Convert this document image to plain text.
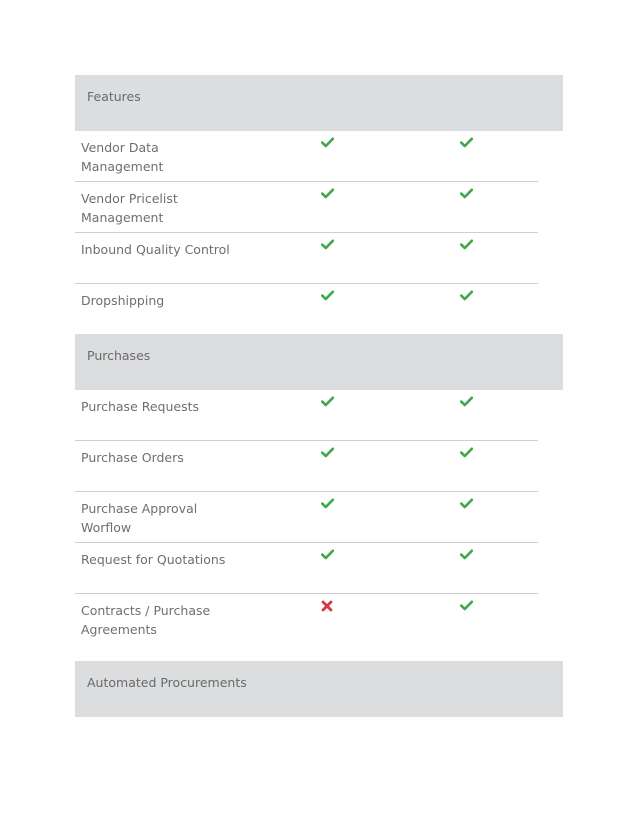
Features
Vendor Data Management
Vendor Pricelist Management
Inbound Quality Control
Dropshipping
Purchases
Purchase Requests
Purchase Orders
Purchase Approval Worflow
Request for Quotations
Contracts / Purchase Agreements
Automated Procurements
